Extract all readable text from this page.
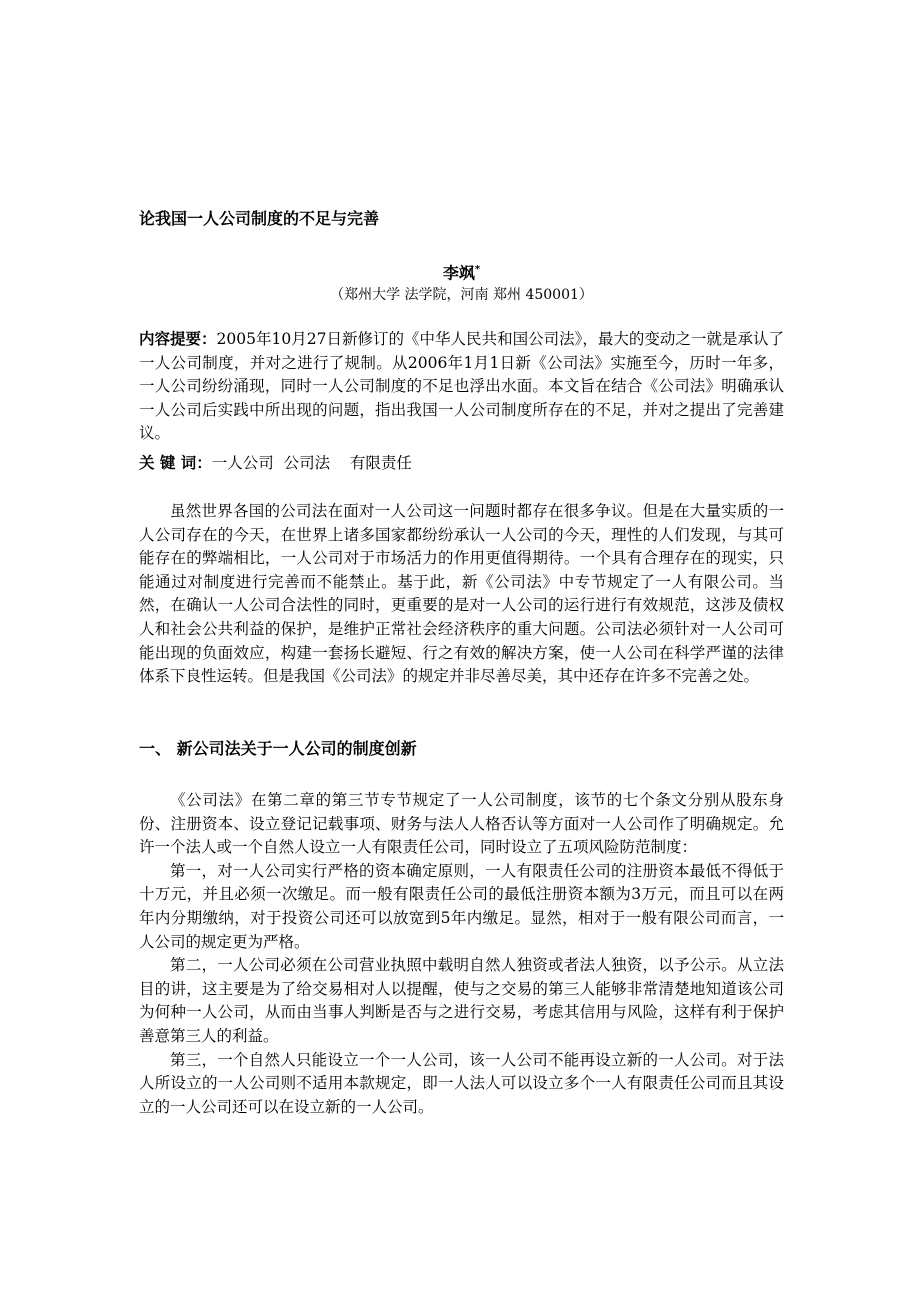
论我国一人公司制度的不足与完善
李飒*
（郑州大学 法学院，河南 郑州 450001）

内容提要：2005年10月27日新修订的《中华人民共和国公司法》，最大的变动之一就是承认了一人公司制度，并对之进行了规制。从2006年1月1日新《公司法》实施至今，历时一年多，一人公司纷纷涌现，同时一人公司制度的不足也浮出水面。本文旨在结合《公司法》明确承认一人公司后实践中所出现的问题，指出我国一人公司制度所存在的不足，并对之提出了完善建议。

关 键 词：一人公司  公司法    有限责任

虽然世界各国的公司法在面对一人公司这一问题时都存在很多争议。但是在大量实质的一人公司存在的今天，在世界上诸多国家都纷纷承认一人公司的今天，理性的人们发现，与其可能存在的弊端相比，一人公司对于市场活力的作用更值得期待。一个具有合理存在的现实，只能通过对制度进行完善而不能禁止。基于此，新《公司法》中专节规定了一人有限公司。当然，在确认一人公司合法性的同时，更重要的是对一人公司的运行进行有效规范，这涉及债权人和社会公共利益的保护，是维护正常社会经济秩序的重大问题。公司法必须针对一人公司可能出现的负面效应，构建一套扬长避短、行之有效的解决方案，使一人公司在科学严谨的法律体系下良性运转。但是我国《公司法》的规定并非尽善尽美，其中还存在许多不完善之处。

一、 新公司法关于一人公司的制度创新

《公司法》在第二章的第三节专节规定了一人公司制度，该节的七个条文分别从股东身份、注册资本、设立登记记载事项、财务与法人人格否认等方面对一人公司作了明确规定。允许一个法人或一个自然人设立一人有限责任公司，同时设立了五项风险防范制度：

第一，对一人公司实行严格的资本确定原则，一人有限责任公司的注册资本最低不得低于十万元，并且必须一次缴足。而一般有限责任公司的最低注册资本额为3万元，而且可以在两年内分期缴纳，对于投资公司还可以放宽到5年内缴足。显然，相对于一般有限公司而言，一人公司的规定更为严格。

第二，一人公司必须在公司营业执照中载明自然人独资或者法人独资，以予公示。从立法目的讲，这主要是为了给交易相对人以提醒，使与之交易的第三人能够非常清楚地知道该公司为何种一人公司，从而由当事人判断是否与之进行交易，考虑其信用与风险，这样有利于保护善意第三人的利益。

第三，一个自然人只能设立一个一人公司，该一人公司不能再设立新的一人公司。对于法人所设立的一人公司则不适用本款规定，即一人法人可以设立多个一人有限责任公司而且其设立的一人公司还可以在设立新的一人公司。
